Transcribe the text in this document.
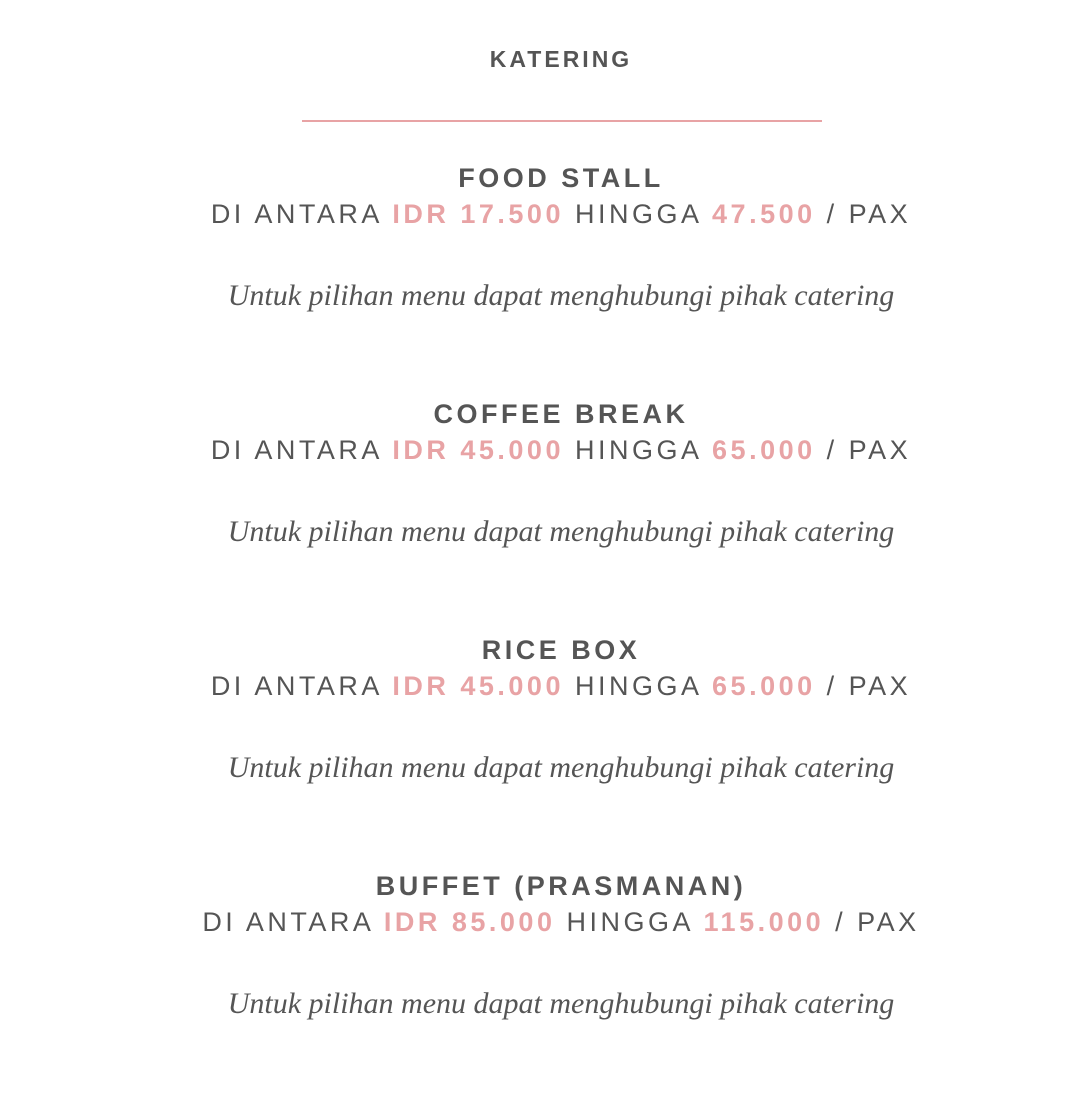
KATERING
FOOD STALL
DI ANTARA IDR 17.500 HINGGA 47.500 / PAX
Untuk pilihan menu dapat menghubungi pihak catering
COFFEE BREAK
DI ANTARA IDR 45.000 HINGGA 65.000 / PAX
Untuk pilihan menu dapat menghubungi pihak catering
RICE BOX
DI ANTARA IDR 45.000 HINGGA 65.000 / PAX
Untuk pilihan menu dapat menghubungi pihak catering
BUFFET (PRASMANAN)
DI ANTARA IDR 85.000 HINGGA 115.000 / PAX
Untuk pilihan menu dapat menghubungi pihak catering
